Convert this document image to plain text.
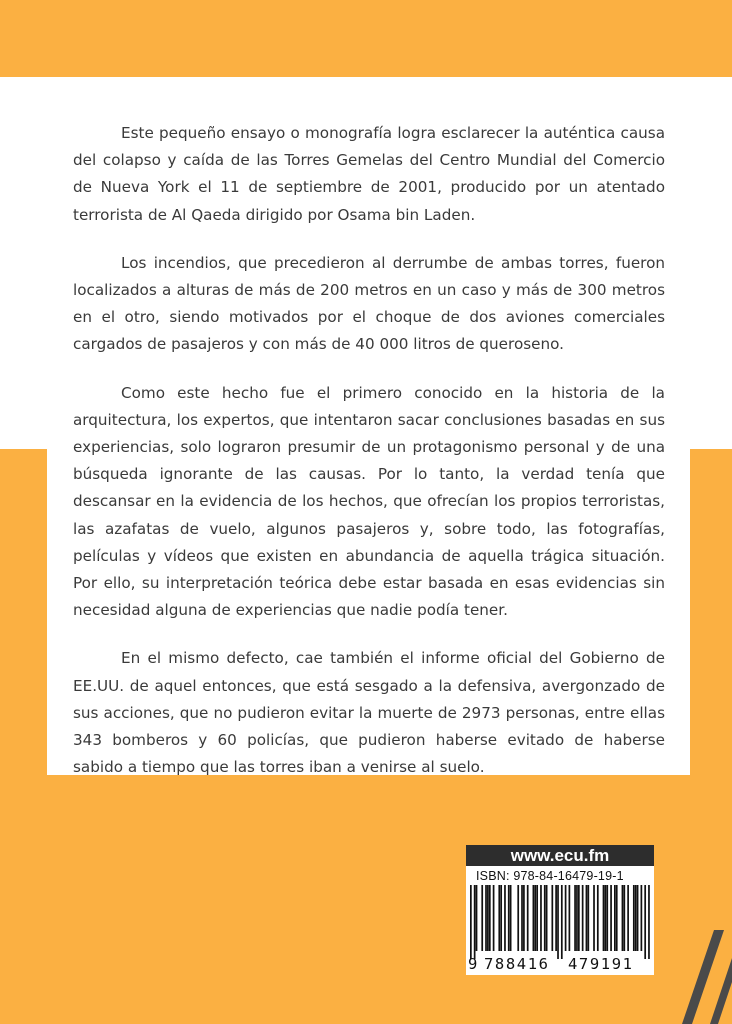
Este pequeño ensayo o monografía logra esclarecer la auténtica causa del colapso y caída de las Torres Gemelas del Centro Mundial del Comercio de Nueva York el 11 de septiembre de 2001, producido por un atentado terrorista de Al Qaeda dirigido por Osama bin Laden.

Los incendios, que precedieron al derrumbe de ambas torres, fueron localizados a alturas de más de 200 metros en un caso y más de 300 metros en el otro, siendo motivados por el choque de dos aviones comerciales cargados de pasajeros y con más de 40 000 litros de queroseno.

Como este hecho fue el primero conocido en la historia de la arquitectura, los expertos, que intentaron sacar conclusiones basadas en sus experiencias, solo lograron presumir de un protagonismo personal y de una búsqueda ignorante de las causas. Por lo tanto, la verdad tenía que descansar en la evidencia de los hechos, que ofrecían los propios terroristas, las azafatas de vuelo, algunos pasajeros y, sobre todo, las fotografías, películas y vídeos que existen en abundancia de aquella trágica situación. Por ello, su interpretación teórica debe estar basada en esas evidencias sin necesidad alguna de experiencias que nadie podía tener.

En el mismo defecto, cae también el informe oficial del Gobierno de EE.UU. de aquel entonces, que está sesgado a la defensiva, avergonzado de sus acciones, que no pudieron evitar la muerte de 2973 personas, entre ellas 343 bomberos y 60 policías, que pudieron haberse evitado de haberse sabido a tiempo que las torres iban a venirse al suelo.

www.ecu.fm
ISBN: 978-84-16479-19-1
9 788416 479191
